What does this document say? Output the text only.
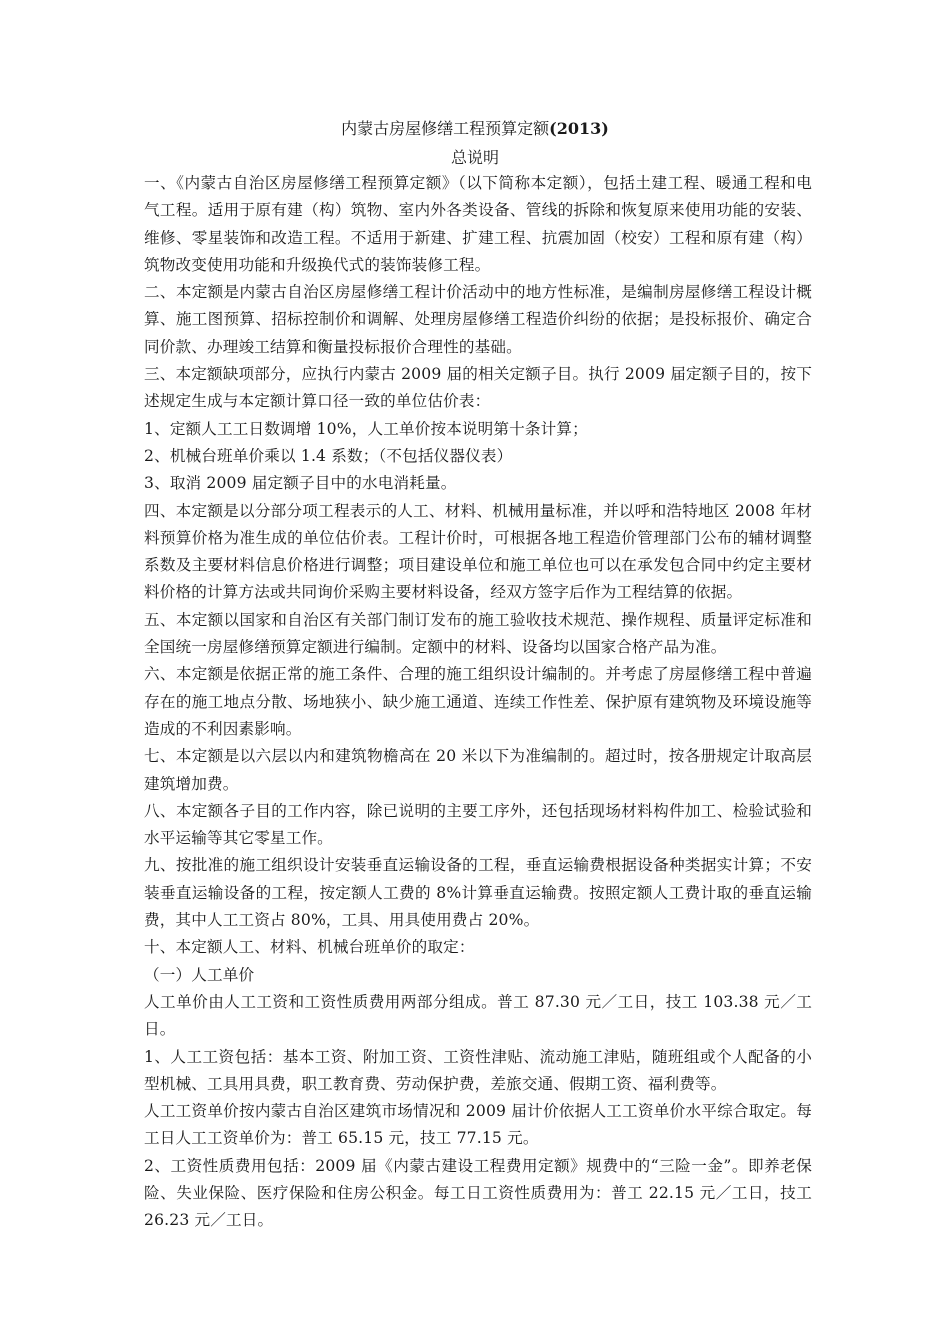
内蒙古房屋修缮工程预算定额(2013)
总说明

一、《内蒙古自治区房屋修缮工程预算定额》（以下简称本定额），包括土建工程、暖通工程和电气工程。适用于原有建（构）筑物、室内外各类设备、管线的拆除和恢复原来使用功能的安装、维修、零星装饰和改造工程。不适用于新建、扩建工程、抗震加固（校安）工程和原有建（构）筑物改变使用功能和升级换代式的装饰装修工程。

二、本定额是内蒙古自治区房屋修缮工程计价活动中的地方性标准，是编制房屋修缮工程设计概算、施工图预算、招标控制价和调解、处理房屋修缮工程造价纠纷的依据；是投标报价、确定合同价款、办理竣工结算和衡量投标报价合理性的基础。

三、本定额缺项部分，应执行内蒙古 2009 届的相关定额子目。执行 2009 届定额子目的，按下述规定生成与本定额计算口径一致的单位估价表：

1、定额人工工日数调增 10%，人工单价按本说明第十条计算；

2、机械台班单价乘以 1.4 系数；（不包括仪器仪表）

3、取消 2009 届定额子目中的水电消耗量。

四、本定额是以分部分项工程表示的人工、材料、机械用量标准，并以呼和浩特地区 2008 年材料预算价格为准生成的单位估价表。工程计价时，可根据各地工程造价管理部门公布的辅材调整系数及主要材料信息价格进行调整；项目建设单位和施工单位也可以在承发包合同中约定主要材料价格的计算方法或共同询价采购主要材料设备，经双方签字后作为工程结算的依据。

五、本定额以国家和自治区有关部门制订发布的施工验收技术规范、操作规程、质量评定标准和全国统一房屋修缮预算定额进行编制。定额中的材料、设备均以国家合格产品为准。

六、本定额是依据正常的施工条件、合理的施工组织设计编制的。并考虑了房屋修缮工程中普遍存在的施工地点分散、场地狭小、缺少施工通道、连续工作性差、保护原有建筑物及环境设施等造成的不利因素影响。

七、本定额是以六层以内和建筑物檐高在 20 米以下为准编制的。超过时，按各册规定计取高层建筑增加费。

八、本定额各子目的工作内容，除已说明的主要工序外，还包括现场材料构件加工、检验试验和水平运输等其它零星工作。

九、按批准的施工组织设计安装垂直运输设备的工程，垂直运输费根据设备种类据实计算；不安装垂直运输设备的工程，按定额人工费的 8%计算垂直运输费。按照定额人工费计取的垂直运输费，其中人工工资占 80%，工具、用具使用费占 20%。

十、本定额人工、材料、机械台班单价的取定：

（一）人工单价

人工单价由人工工资和工资性质费用两部分组成。普工 87.30 元／工日，技工 103.38 元／工日。

1、人工工资包括：基本工资、附加工资、工资性津贴、流动施工津贴，随班组或个人配备的小型机械、工具用具费，职工教育费、劳动保护费，差旅交通、假期工资、福利费等。

人工工资单价按内蒙古自治区建筑市场情况和 2009 届计价依据人工工资单价水平综合取定。每工日人工工资单价为：普工 65.15 元，技工 77.15 元。

2、工资性质费用包括：2009 届《内蒙古建设工程费用定额》规费中的“三险一金”。即养老保险、失业保险、医疗保险和住房公积金。每工日工资性质费用为：普工 22.15 元／工日，技工 26.23 元／工日。
